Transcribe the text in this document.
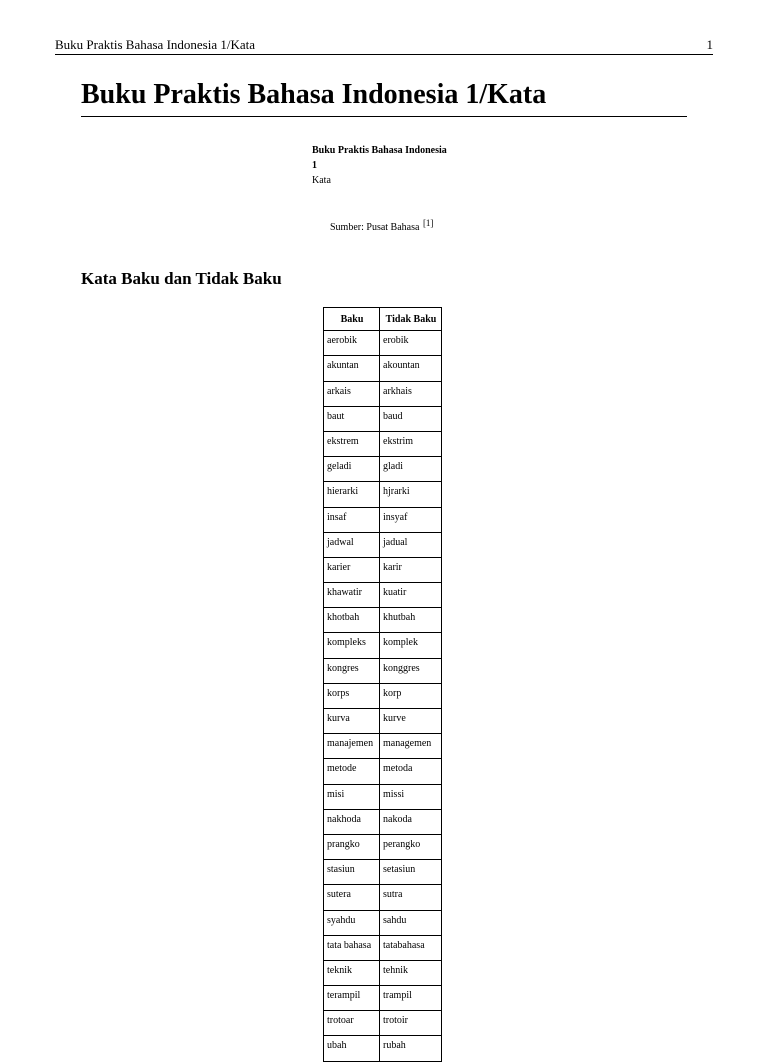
Buku Praktis Bahasa Indonesia 1/Kata	1
Buku Praktis Bahasa Indonesia 1/Kata
Buku Praktis Bahasa Indonesia
1
Kata
Sumber: Pusat Bahasa [1]
Kata Baku dan Tidak Baku
Baku	Tidak Baku
aerobik	erobik
akuntan	akountan
arkais	arkhais
baut	baud
ekstrem	ekstrim
geladi	gladi
hierarki	hjrarki
insaf	insyaf
jadwal	jadual
karier	karir
khawatir	kuatir
khotbah	khutbah
kompleks	komplek
kongres	konggres
korps	korp
kurva	kurve
manajemen	managemen
metode	metoda
misi	missi
nakhoda	nakoda
prangko	perangko
stasiun	setasiun
sutera	sutra
syahdu	sahdu
tata bahasa	tatabahasa
teknik	tehnik
terampil	trampil
trotoar	trotoir
ubah	rubah
